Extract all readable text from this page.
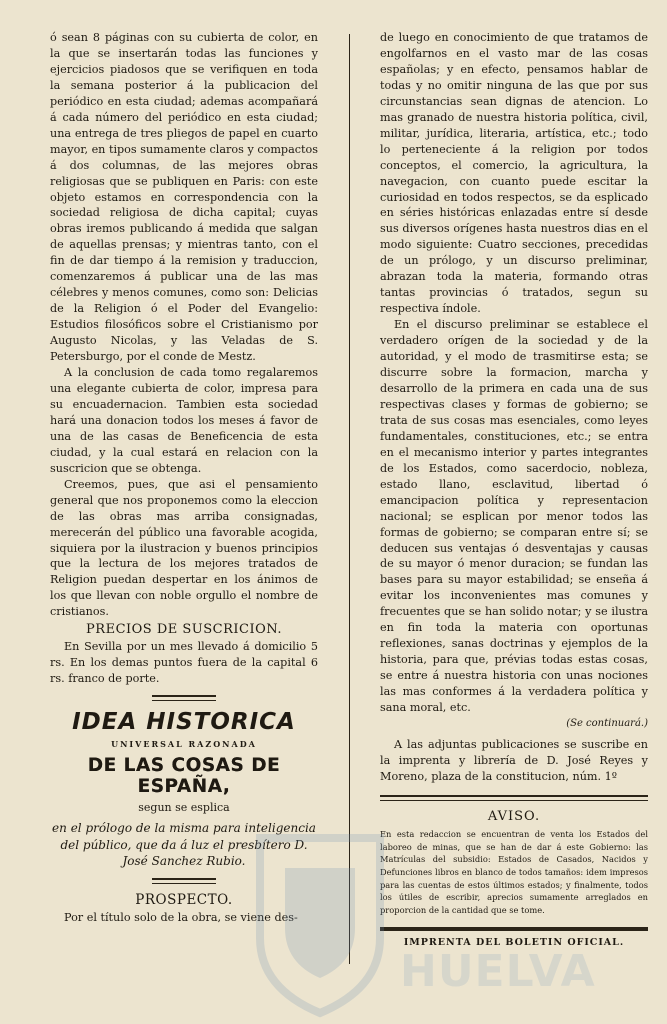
ó sean 8 páginas con su cubierta de color, en la que se insertarán todas las funciones y ejercicios piadosos que se verifiquen en toda la semana posterior á la publicacion del periódico en esta ciudad; ademas acompañará á cada número del periódico en esta ciudad; una entrega de tres pliegos de papel en cuarto mayor, en tipos sumamente claros y compactos á dos columnas, de las mejores obras religiosas que se publiquen en Paris: con este objeto estamos en correspondencia con la sociedad religiosa de dicha capital; cuyas obras iremos publicando á medida que salgan de aquellas prensas; y mientras tanto, con el fin de dar tiempo á la remision y traduccion, comenzaremos á publicar una de las mas célebres y menos comunes, como son: Delicias de la Religion ó el Poder del Evangelio: Estudios filosóficos sobre el Cristianismo por Augusto Nicolas, y las Veladas de S. Petersburgo, por el conde de Mestz.

A la conclusion de cada tomo regalaremos una elegante cubierta de color, impresa para su encuadernacion. Tambien esta sociedad hará una donacion todos los meses á favor de una de las casas de Beneficencia de esta ciudad, y la cual estará en relacion con la suscricion que se obtenga.

Creemos, pues, que asi el pensamiento general que nos proponemos como la eleccion de las obras mas arriba consignadas, merecerán del público una favorable acogida, siquiera por la ilustracion y buenos principios que la lectura de los mejores tratados de Religion puedan despertar en los ánimos de los que llevan con noble orgullo el nombre de cristianos.

PRECIOS DE SUSCRICION.

En Sevilla por un mes llevado á domicilio 5 rs. En los demas puntos fuera de la capital 6 rs. franco de porte.

IDEA HISTORICA
UNIVERSAL RAZONADA
DE LAS COSAS DE ESPAÑA,
segun se esplica
en el prólogo de la misma para inteligencia del público, que da á luz el presbítero D. José Sanchez Rubio.
PROSPECTO.

Por el título solo de la obra, se viene des-

de luego en conocimiento de que tratamos de engolfarnos en el vasto mar de las cosas españolas; y en efecto, pensamos hablar de todas y no omitir ninguna de las que por sus circunstancias sean dignas de atencion. Lo mas granado de nuestra historia política, civil, militar, jurídica, literaria, artística, etc.; todo lo perteneciente á la religion por todos conceptos, el comercio, la agricultura, la navegacion, con cuanto puede escitar la curiosidad en todos respectos, se da esplicado en séries históricas enlazadas entre sí desde sus diversos orígenes hasta nuestros dias en el modo siguiente: Cuatro secciones, precedidas de un prólogo, y un discurso preliminar, abrazan toda la materia, formando otras tantas provincias ó tratados, segun su respectiva índole.

En el discurso preliminar se establece el verdadero orígen de la sociedad y de la autoridad, y el modo de trasmitirse esta; se discurre sobre la formacion, marcha y desarrollo de la primera en cada una de sus respectivas clases y formas de gobierno; se trata de sus cosas mas esenciales, como leyes fundamentales, constituciones, etc.; se entra en el mecanismo interior y partes integrantes de los Estados, como sacerdocio, nobleza, estado llano, esclavitud, libertad ó emancipacion política y representacion nacional; se esplican por menor todos las formas de gobierno; se comparan entre sí; se deducen sus ventajas ó desventajas y causas de su mayor ó menor duracion; se fundan las bases para su mayor estabilidad; se enseña á evitar los inconvenientes mas comunes y frecuentes que se han solido notar; y se ilustra en fin toda la materia con oportunas reflexiones, sanas doctrinas y ejemplos de la historia, para que, prévias todas estas cosas, se entre á nuestra historia con unas nociones las mas conformes á la verdadera política y sana moral, etc.

(Se continuará.)

A las adjuntas publicaciones se suscribe en la imprenta y librería de D. José Reyes y Moreno, plaza de la constitucion, núm. 1º

AVISO.

En esta redaccion se encuentran de venta los Estados del laboreo de minas, que se han de dar á este Gobierno: las Matrículas del subsidio: Estados de Casados, Nacidos y Defunciones libros en blanco de todos tamaños: idem impresos para las cuentas de estos últimos estados; y finalmente, todos los útiles de escribir, aprecios sumamente arreglados en proporcion de la cantidad que se tome.

IMPRENTA DEL BOLETIN OFICIAL.
HUELVA
